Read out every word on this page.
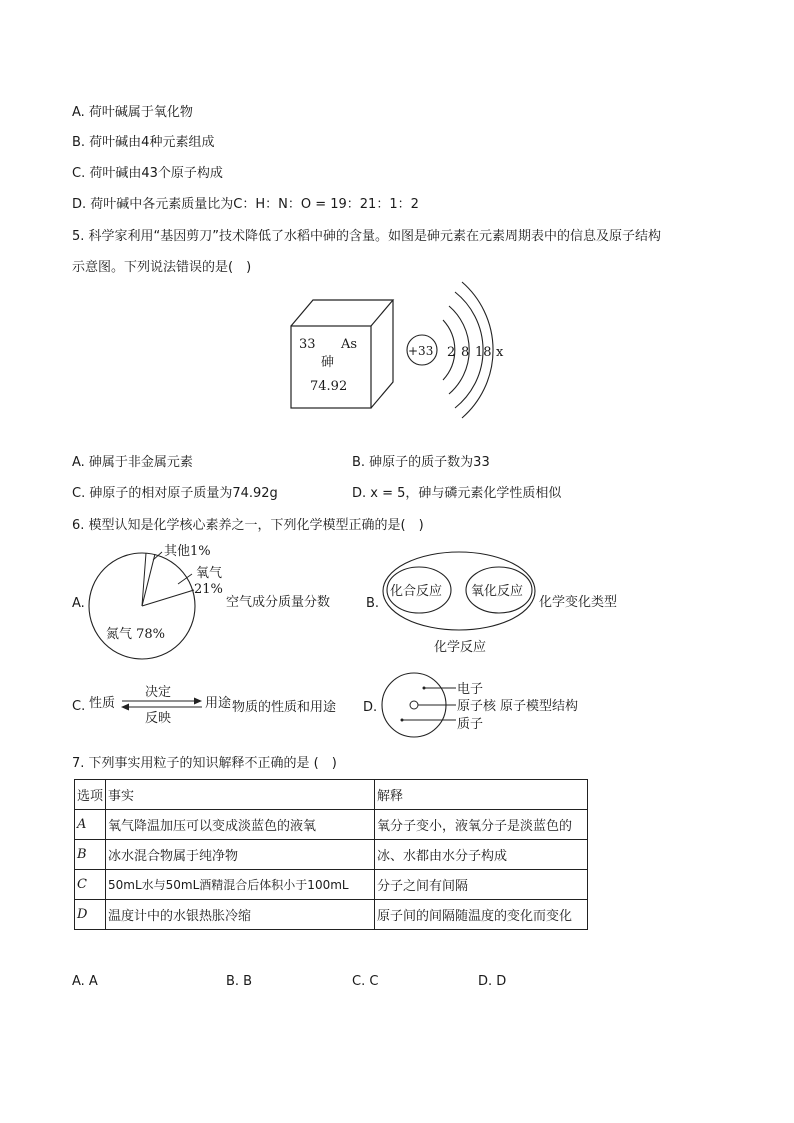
A. 荷叶碱属于氧化物
B. 荷叶碱由4种元素组成
C. 荷叶碱由43个原子构成
D. 荷叶碱中各元素质量比为C：H：N：O = 19：21：1：2
5. 科学家利用“基因剪刀”技术降低了水稻中砷的含量。如图是砷元素在元素周期表中的信息及原子结构
示意图。下列说法错误的是(　)
33 As
砷
74.92
+33 2 8 18 x
A. 砷属于非金属元素	B. 砷原子的质子数为33
C. 砷原子的相对原子质量为74.92g	D. x = 5，砷与磷元素化学性质相似
6. 模型认知是化学核心素养之一，下列化学模型正确的是(　)
A.
其他1%
氧气
21%
氮气 78%
空气成分质量分数	B.
化合反应 氧化反应
化学反应
化学变化类型
C. 性质
决定
反映
用途 物质的性质和用途 D.
电子
原子核
质子
原子模型结构
7. 下列事实用粒子的知识解释不正确的是 (　)
选项	事实	解释
A	氧气降温加压可以变成淡蓝色的液氧	氧分子变小，液氧分子是淡蓝色的
B	冰水混合物属于纯净物	冰、水都由水分子构成
C	50mL水与50mL酒精混合后体积小于100mL	分子之间有间隔
D	温度计中的水银热胀冷缩	原子间的间隔随温度的变化而变化
A. A	B. B	C. C	D. D
